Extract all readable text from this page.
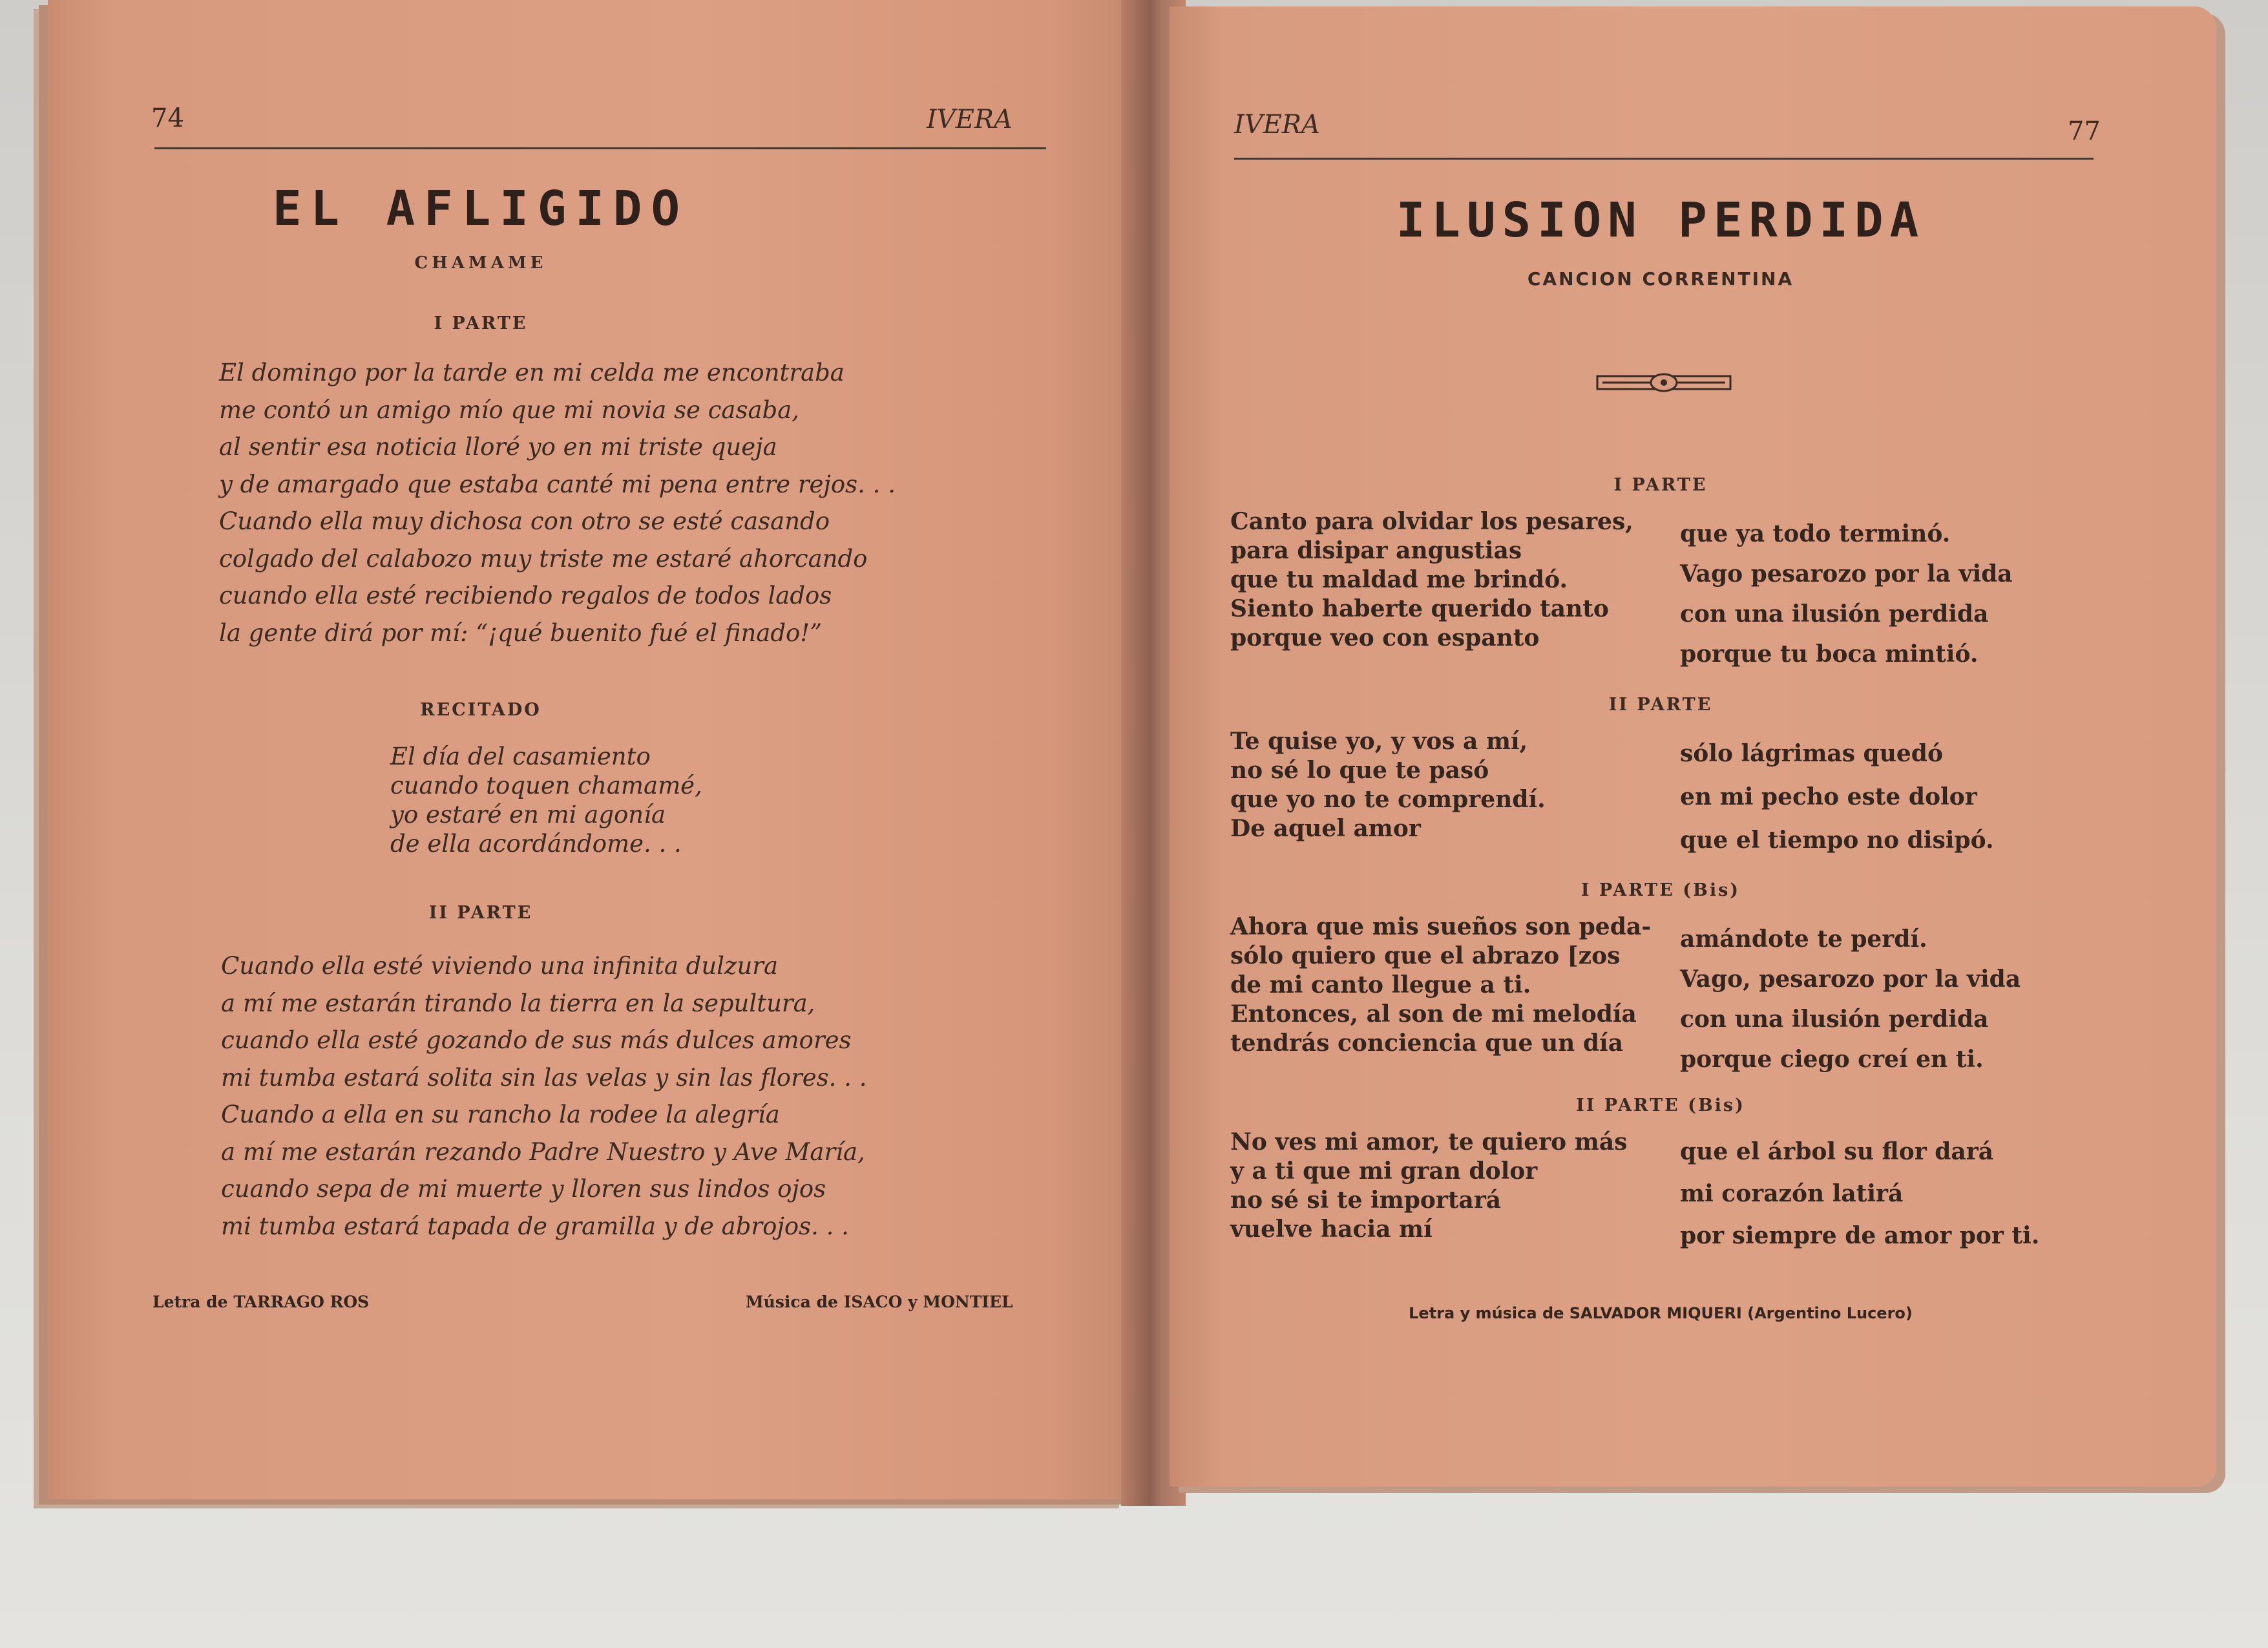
74	IVERA
EL AFLIGIDO
CHAMAME
I PARTE
El domingo por la tarde en mi celda me encontraba
me contó un amigo mío que mi novia se casaba,
al sentir esa noticia lloré yo en mi triste queja
y de amargado que estaba canté mi pena entre rejos. . .
Cuando ella muy dichosa con otro se esté casando
colgado del calabozo muy triste me estaré ahorcando
cuando ella esté recibiendo regalos de todos lados
la gente dirá por mí: “¡qué buenito fué el finado!”
RECITADO
El día del casamiento
cuando toquen chamamé,
yo estaré en mi agonía
de ella acordándome. . .
II PARTE
Cuando ella esté viviendo una infinita dulzura
a mí me estarán tirando la tierra en la sepultura,
cuando ella esté gozando de sus más dulces amores
mi tumba estará solita sin las velas y sin las flores. . .
Cuando a ella en su rancho la rodee la alegría
a mí me estarán rezando Padre Nuestro y Ave María,
cuando sepa de mi muerte y lloren sus lindos ojos
mi tumba estará tapada de gramilla y de abrojos. . .
Letra de TARRAGO ROS	Música de ISACO y MONTIEL
IVERA	77
ILUSION PERDIDA
CANCION CORRENTINA
I PARTE
Canto para olvidar los pesares,
para disipar angustias
que tu maldad me brindó.
Siento haberte querido tanto
porque veo con espanto
que ya todo terminó.
Vago pesarozo por la vida
con una ilusión perdida
porque tu boca mintió.
II PARTE
Te quise yo, y vos a mí,
no sé lo que te pasó
que yo no te comprendí.
De aquel amor
sólo lágrimas quedó
en mi pecho este dolor
que el tiempo no disipó.
I PARTE (Bis)
Ahora que mis sueños son peda-
sólo quiero que el abrazo [zos
de mi canto llegue a ti.
Entonces, al son de mi melodía
tendrás conciencia que un día
amándote te perdí.
Vago, pesarozo por la vida
con una ilusión perdida
porque ciego creí en ti.
II PARTE (Bis)
No ves mi amor, te quiero más
y a ti que mi gran dolor
no sé si te importará
vuelve hacia mí
que el árbol su flor dará
mi corazón latirá
por siempre de amor por ti.
Letra y música de SALVADOR MIQUERI (Argentino Lucero)
